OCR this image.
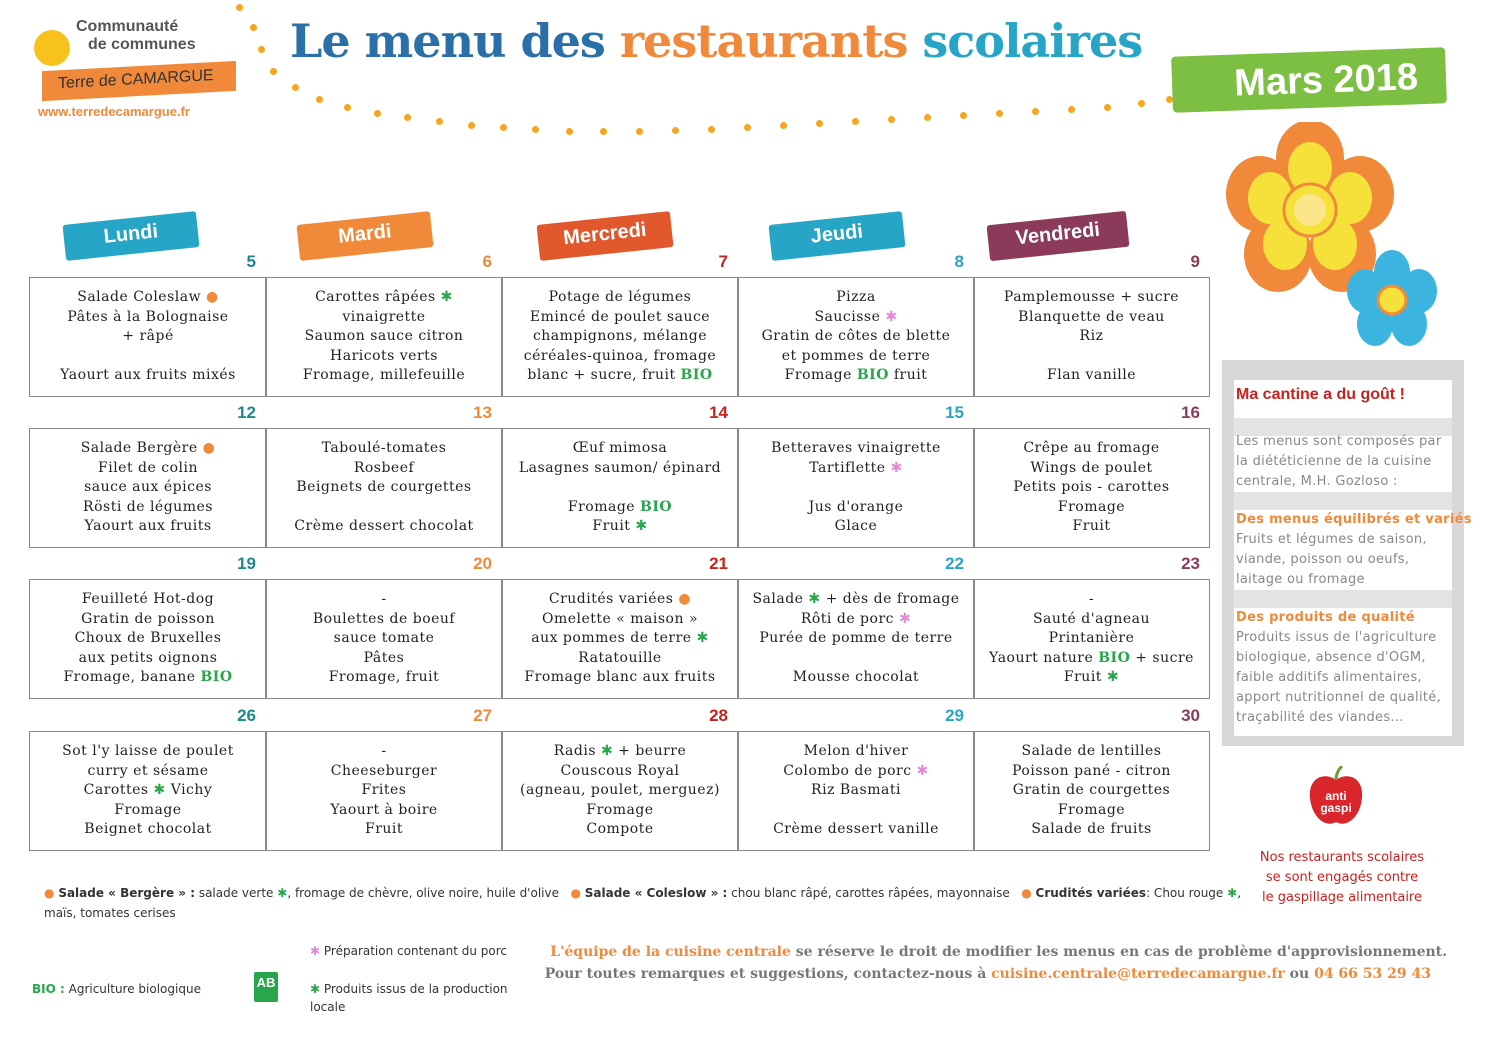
Communauté
de communes
Terre de CAMARGUE
www.terredecamargue.fr
Le menu des restaurants scolaires
Mars 2018
Lundi	Mardi	Mercredi	Jeudi	Vendredi
5
Salade Coleslaw ●
Pâtes à la Bolognaise
+ râpé

Yaourt aux fruits mixés
6
Carottes râpées ✱
vinaigrette
Saumon sauce citron
Haricots verts
Fromage, millefeuille
7
Potage de légumes
Emincé de poulet sauce
champignons, mélange
céréales-quinoa, fromage
blanc + sucre, fruit BIO
8
Pizza
Saucisse ✱
Gratin de côtes de blette
et pommes de terre
Fromage BIO fruit
9
Pamplemousse + sucre
Blanquette de veau
Riz

Flan vanille
12
Salade Bergère ●
Filet de colin
sauce aux épices
Rösti de légumes
Yaourt aux fruits
13
Taboulé-tomates
Rosbeef
Beignets de courgettes

Crème dessert chocolat
14
Œuf mimosa
Lasagnes saumon/ épinard

Fromage BIO
Fruit ✱
15
Betteraves vinaigrette
Tartiflette ✱

Jus d'orange
Glace
16
Crêpe au fromage
Wings de poulet
Petits pois - carottes
Fromage
Fruit
19
Feuilleté Hot-dog
Gratin de poisson
Choux de Bruxelles
aux petits oignons
Fromage, banane BIO
20
-
Boulettes de boeuf
sauce tomate
Pâtes
Fromage, fruit
21
Crudités variées ●
Omelette « maison »
aux pommes de terre ✱
Ratatouille
Fromage blanc aux fruits
22
Salade ✱ + dès de fromage
Rôti de porc ✱
Purée de pomme de terre

Mousse chocolat
23
-
Sauté d'agneau
Printanière
Yaourt nature BIO + sucre
Fruit ✱
26
Sot l'y laisse de poulet
curry et sésame
Carottes ✱ Vichy
Fromage
Beignet chocolat
27
-
Cheeseburger
Frites
Yaourt à boire
Fruit
28
Radis ✱ + beurre
Couscous Royal
(agneau, poulet, merguez)
Fromage
Compote
29
Melon d'hiver
Colombo de porc ✱
Riz Basmati

Crème dessert vanille
30
Salade de lentilles
Poisson pané - citron
Gratin de courgettes
Fromage
Salade de fruits
Ma cantine a du goût !
Les menus sont composés par
la diététicienne de la cuisine
centrale, M.H. Gozloso :
Des menus équilibrés et variés
Fruits et légumes de saison,
viande, poisson ou oeufs,
laitage ou fromage
Des produits de qualité
Produits issus de l'agriculture
biologique, absence d'OGM,
faible additifs alimentaires,
apport nutritionnel de qualité,
traçabilité des viandes...
anti
gaspi
Nos restaurants scolaires
se sont engagés contre
le gaspillage alimentaire
● Salade « Bergère » : salade verte ✱, fromage de chèvre, olive noire, huile d'olive ● Salade « Coleslow » : chou blanc râpé, carottes râpées, mayonnaise ● Crudités variées: Chou rouge ✱,
maïs, tomates cerises
✱ Préparation contenant du porc
✱ Produits issus de la production
locale
BIO : Agriculture biologique	AB
L'équipe de la cuisine centrale se réserve le droit de modifier les menus en cas de problème d'approvisionnement.
Pour toutes remarques et suggestions, contactez-nous à cuisine.centrale@terredecamargue.fr ou 04 66 53 29 43
